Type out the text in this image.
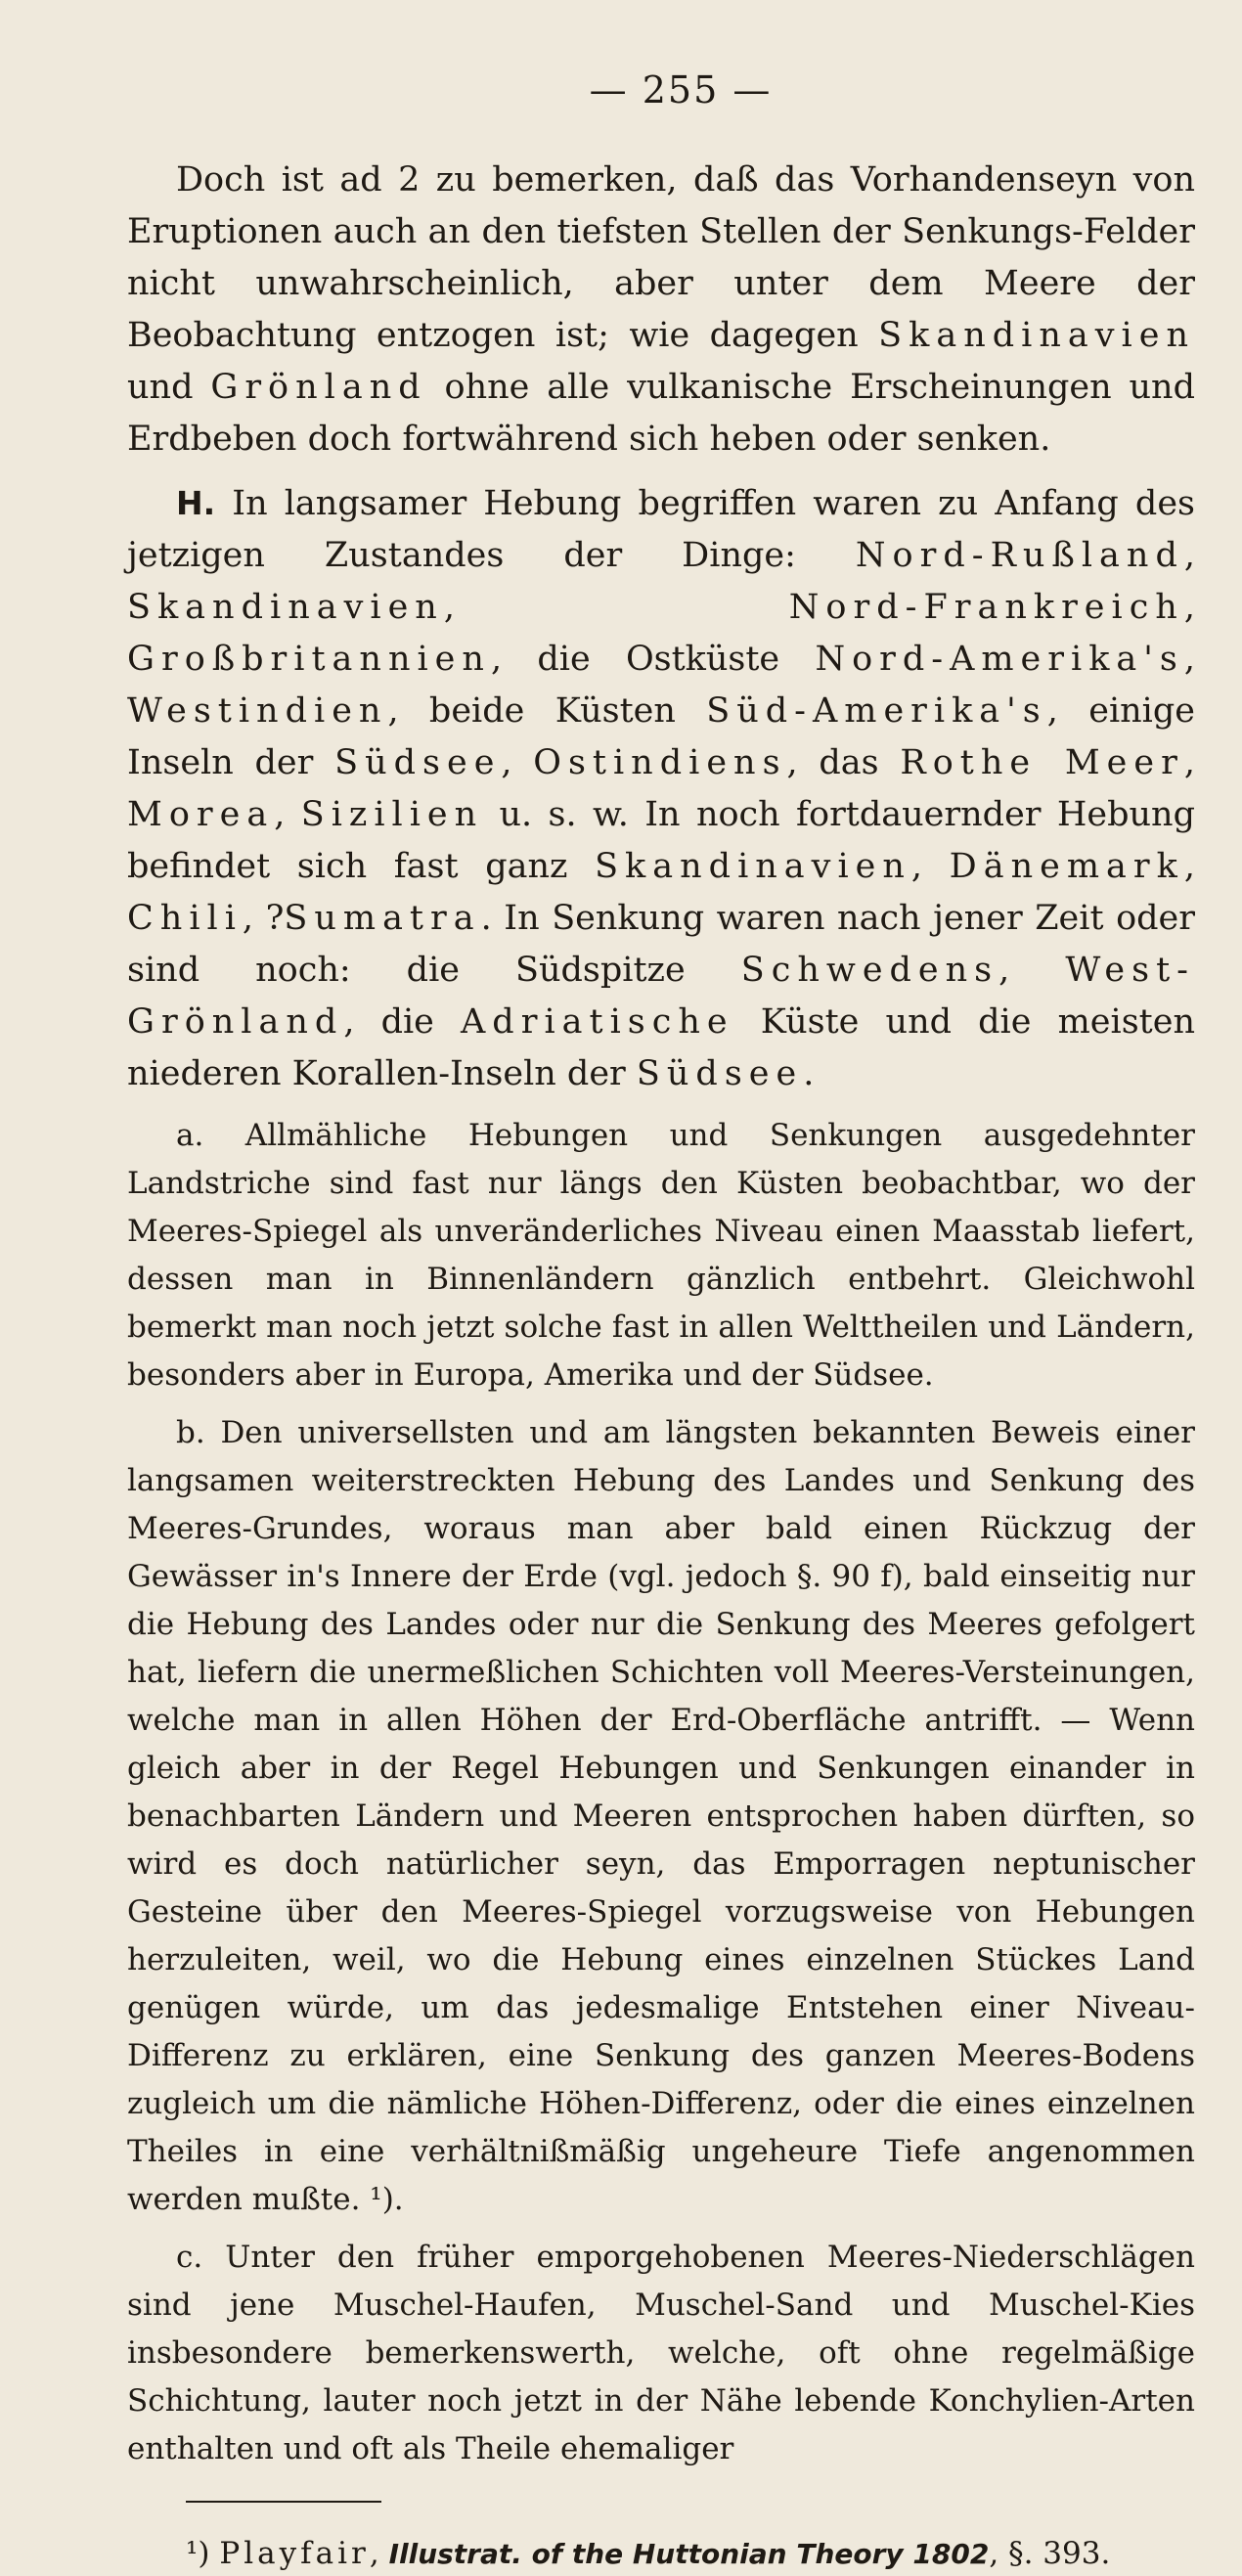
— 255 —

Doch ist ad 2 zu bemerken, daß das Vorhandenseyn von Eruptionen auch an den tiefsten Stellen der Senkungs-Felder nicht unwahrscheinlich, aber unter dem Meere der Beobachtung entzogen ist; wie dagegen Skandinavien und Grönland ohne alle vulkanische Erscheinungen und Erdbeben doch fortwährend sich heben oder senken.

H. In langsamer Hebung begriffen waren zu Anfang des jetzigen Zustandes der Dinge: Nord-Rußland, Skandinavien, Nord-Frankreich, Großbritannien, die Ostküste Nord-Amerika's, Westindien, beide Küsten Süd-Amerika's, einige Inseln der Südsee, Ostindiens, das Rothe Meer, Morea, Sizilien u. s. w. In noch fortdauernder Hebung befindet sich fast ganz Skandinavien, Dänemark, Chili, ?Sumatra. In Senkung waren nach jener Zeit oder sind noch: die Südspitze Schwedens, West-Grönland, die Adriatische Küste und die meisten niederen Korallen-Inseln der Südsee.

a. Allmähliche Hebungen und Senkungen ausgedehnter Landstriche sind fast nur längs den Küsten beobachtbar, wo der Meeres-Spiegel als unveränderliches Niveau einen Maasstab liefert, dessen man in Binnenländern gänzlich entbehrt. Gleichwohl bemerkt man noch jetzt solche fast in allen Welttheilen und Ländern, besonders aber in Europa, Amerika und der Südsee.

b. Den universellsten und am längsten bekannten Beweis einer langsamen weiterstreckten Hebung des Landes und Senkung des Meeres-Grundes, woraus man aber bald einen Rückzug der Gewässer in's Innere der Erde (vgl. jedoch §. 90 f), bald einseitig nur die Hebung des Landes oder nur die Senkung des Meeres gefolgert hat, liefern die unermeßlichen Schichten voll Meeres-Versteinungen, welche man in allen Höhen der Erd-Oberfläche antrifft. — Wenn gleich aber in der Regel Hebungen und Senkungen einander in benachbarten Ländern und Meeren entsprochen haben dürften, so wird es doch natürlicher seyn, das Emporragen neptunischer Gesteine über den Meeres-Spiegel vorzugsweise von Hebungen herzuleiten, weil, wo die Hebung eines einzelnen Stückes Land genügen würde, um das jedesmalige Entstehen einer Niveau-Differenz zu erklären, eine Senkung des ganzen Meeres-Bodens zugleich um die nämliche Höhen-Differenz, oder die eines einzelnen Theiles in eine verhältnißmäßig ungeheure Tiefe angenommen werden mußte. ¹).

c. Unter den früher emporgehobenen Meeres-Niederschlägen sind jene Muschel-Haufen, Muschel-Sand und Muschel-Kies insbesondere bemerkenswerth, welche, oft ohne regelmäßige Schichtung, lauter noch jetzt in der Nähe lebende Konchylien-Arten enthalten und oft als Theile ehemaliger

¹) Playfair, Illustrat. of the Huttonian Theory 1802, §. 393.
